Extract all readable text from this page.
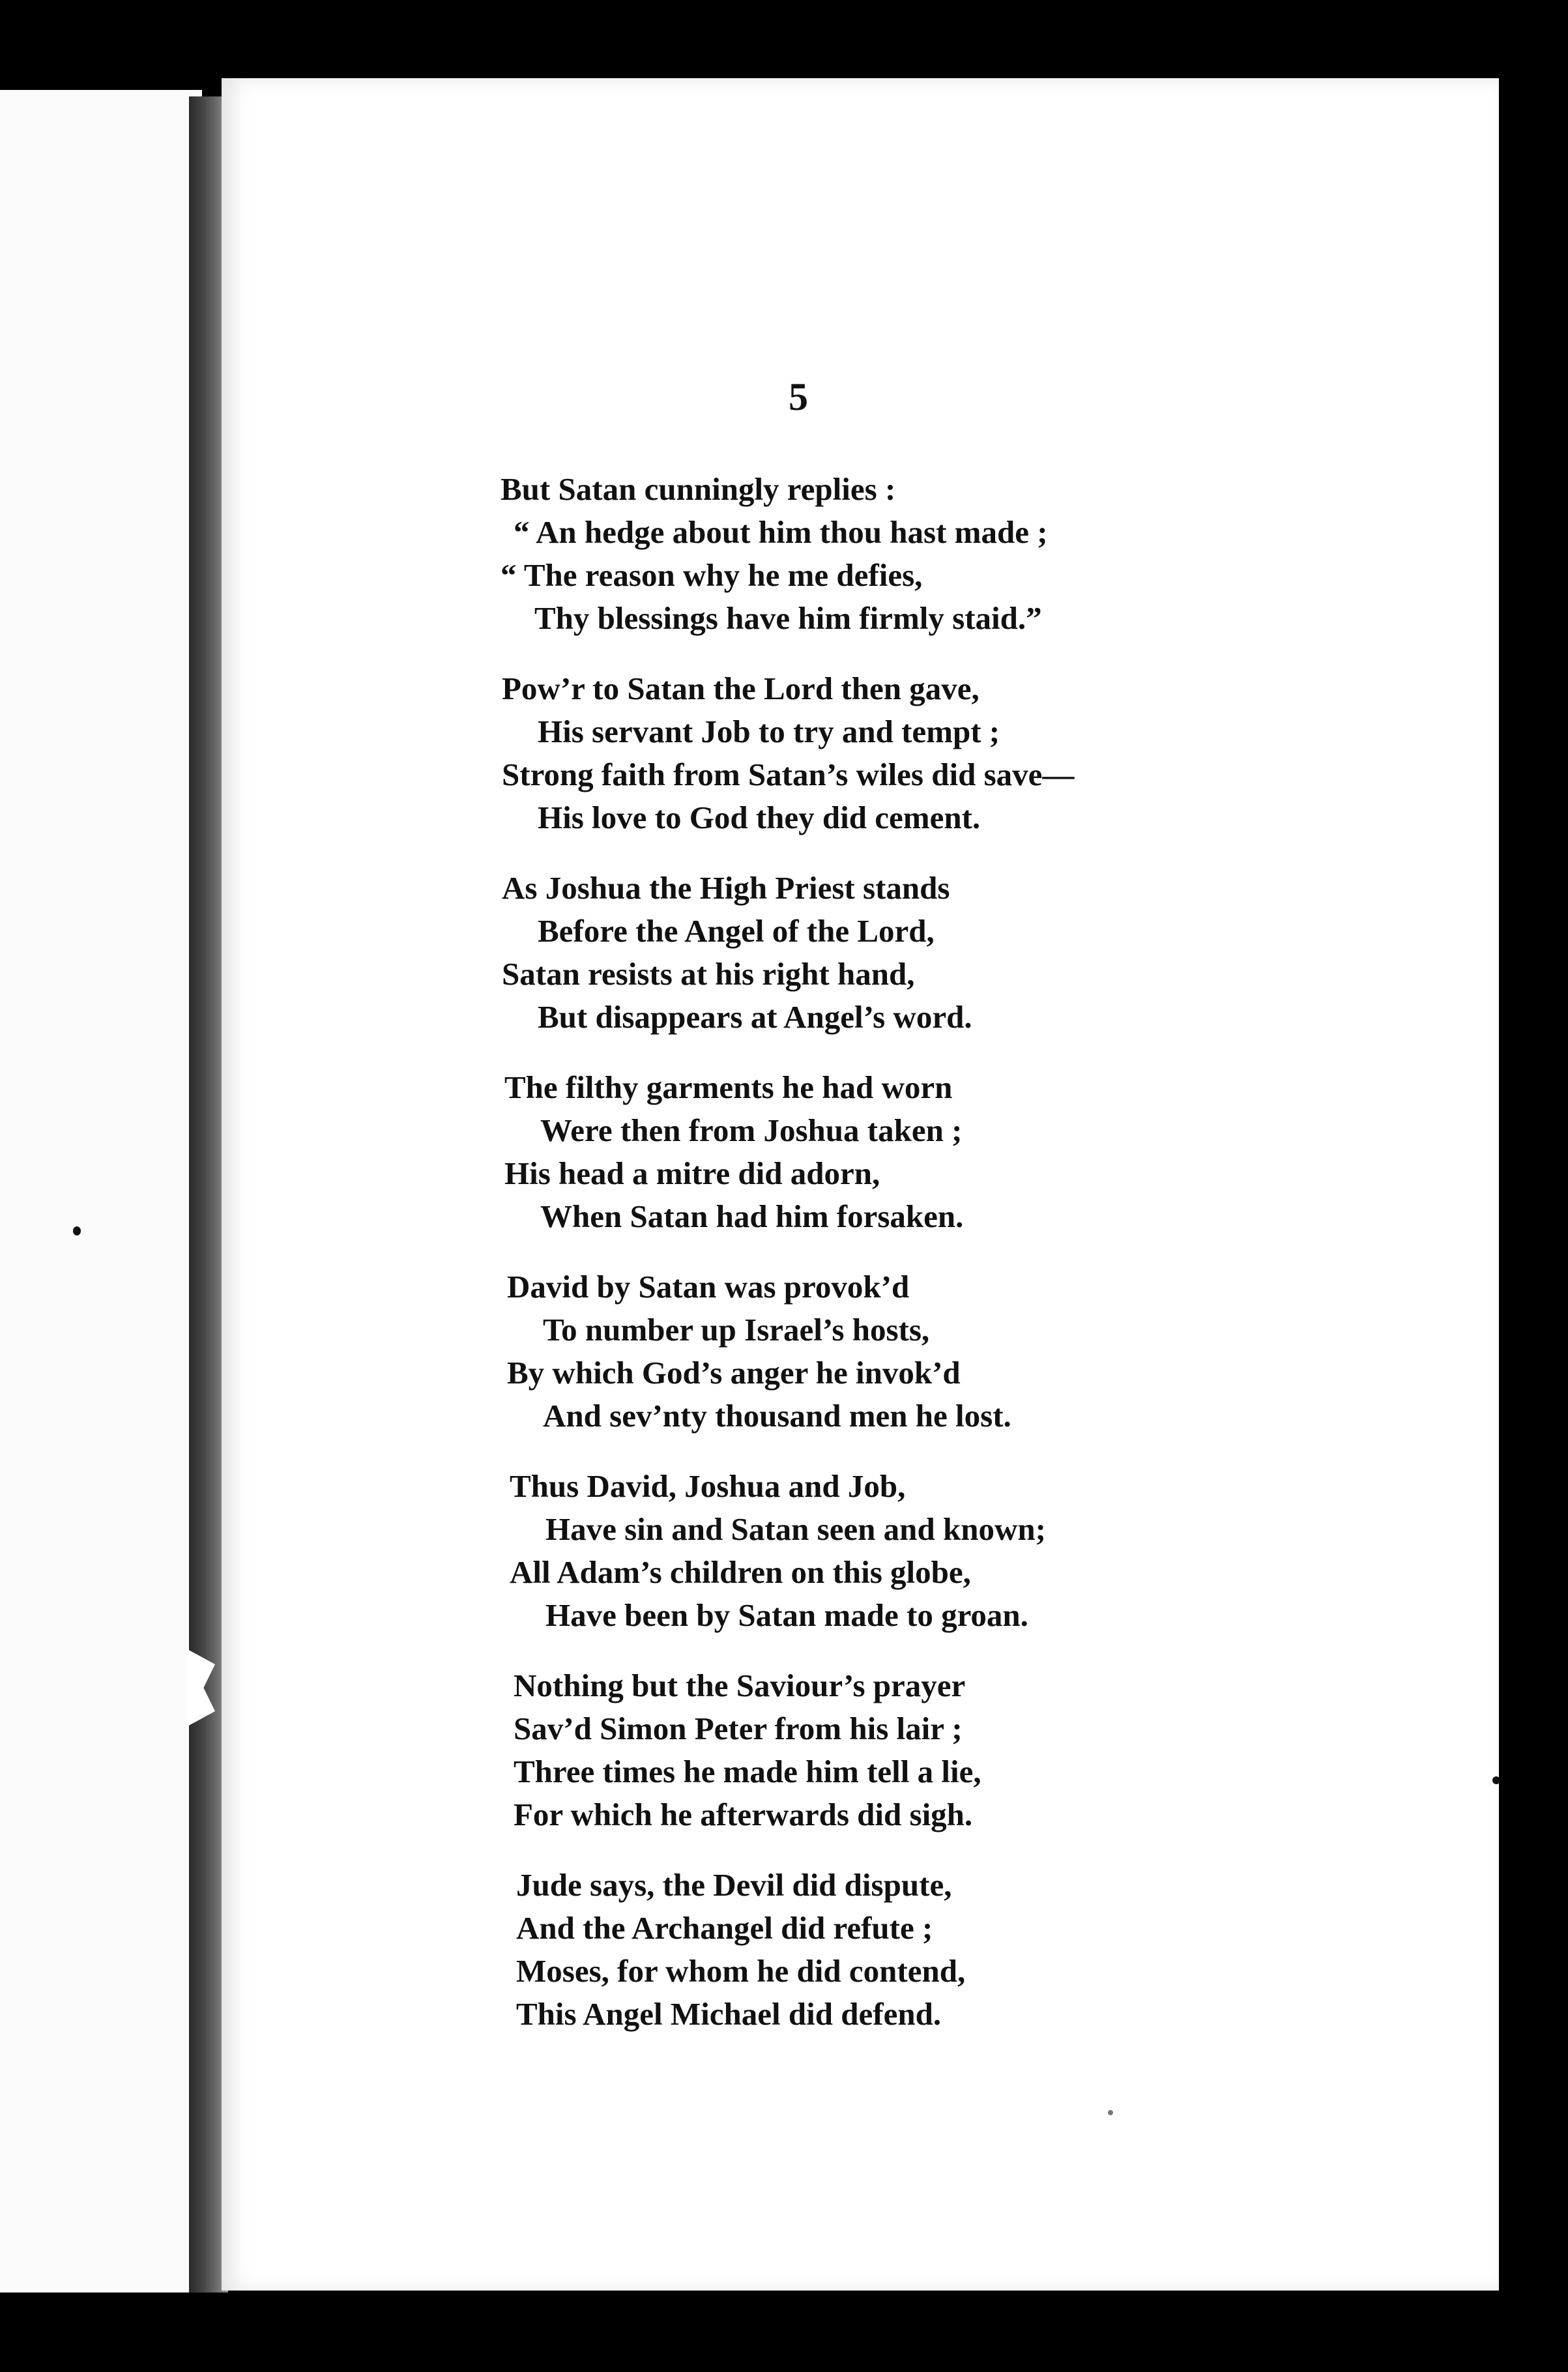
5
But Satan cunningly replies :
“ An hedge about him thou hast made ;
“ The reason why he me defies,
Thy blessings have him firmly staid.”
Pow’r to Satan the Lord then gave,
His servant Job to try and tempt ;
Strong faith from Satan’s wiles did save—
His love to God they did cement.
As Joshua the High Priest stands
Before the Angel of the Lord,
Satan resists at his right hand,
But disappears at Angel’s word.
The filthy garments he had worn
Were then from Joshua taken ;
His head a mitre did adorn,
When Satan had him forsaken.
David by Satan was provok’d
To number up Israel’s hosts,
By which God’s anger he invok’d
And sev’nty thousand men he lost.
Thus David, Joshua and Job,
Have sin and Satan seen and known;
All Adam’s children on this globe,
Have been by Satan made to groan.
Nothing but the Saviour’s prayer
Sav’d Simon Peter from his lair ;
Three times he made him tell a lie,
For which he afterwards did sigh.
Jude says, the Devil did dispute,
And the Archangel did refute ;
Moses, for whom he did contend,
This Angel Michael did defend.
